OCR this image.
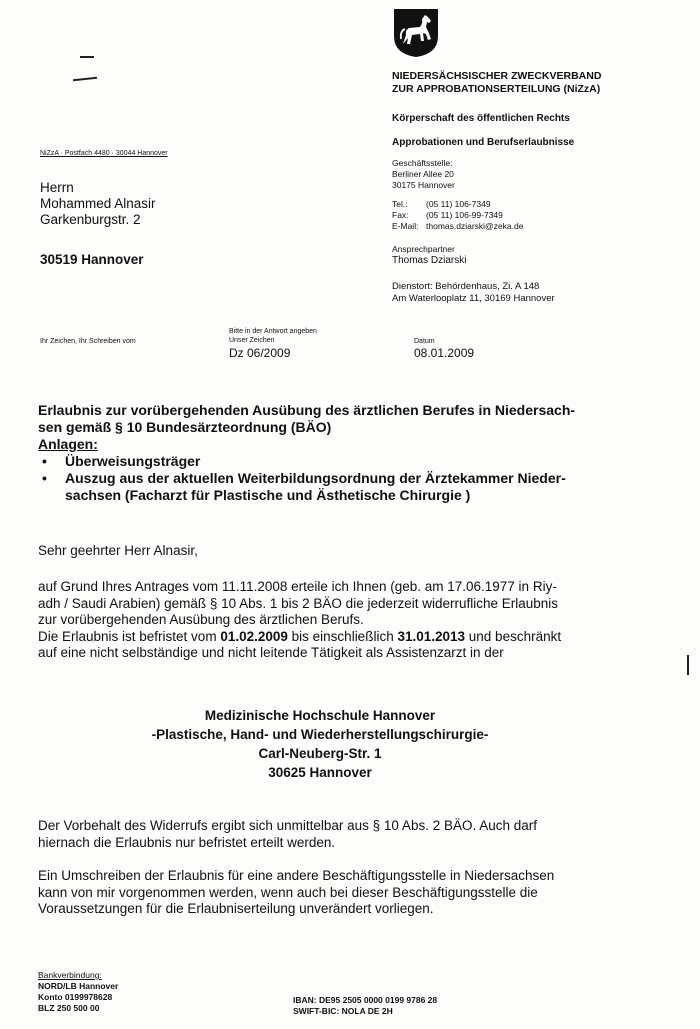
NIEDERSÄCHSISCHER ZWECKVERBAND
ZUR APPROBATIONSERTEILUNG (NiZzA)
Körperschaft des öffentlichen Rechts
Approbationen und Berufserlaubnisse
NiZzA · Postfach 4480 · 30044 Hannover
Geschäftsstelle:
Berliner Allee 20
30175 Hannover
Tel.: (05 11) 106-7349
Fax: (05 11) 106-99-7349
E-Mail: thomas.dziarski@zeka.de
Ansprechpartner
Thomas Dziarski
Dienstort: Behördenhaus, Zi. A 148
Am Waterlooplatz 11, 30169 Hannover
Herrn
Mohammed Alnasir
Garkenburgstr. 2
30519 Hannover
Ihr Zeichen, Ihr Schreiben vom
Bitte in der Antwort angeben
Unser Zeichen
Dz 06/2009
Datum
08.01.2009
Erlaubnis zur vorübergehenden Ausübung des ärztlichen Berufes in Niedersach-
sen gemäß § 10 Bundesärzteordnung (BÄO)
Anlagen:
• Überweisungsträger
• Auszug aus der aktuellen Weiterbildungsordnung der Ärztekammer Nieder-
sachsen (Facharzt für Plastische und Ästhetische Chirurgie )
Sehr geehrter Herr Alnasir,
auf Grund Ihres Antrages vom 11.11.2008 erteile ich Ihnen (geb. am 17.06.1977 in Riy-
adh / Saudi Arabien) gemäß § 10 Abs. 1 bis 2 BÄO die jederzeit widerrufliche Erlaubnis
zur vorübergehenden Ausübung des ärztlichen Berufs.
Die Erlaubnis ist befristet vom 01.02.2009 bis einschließlich 31.01.2013 und beschränkt
auf eine nicht selbständige und nicht leitende Tätigkeit als Assistenzarzt in der
Medizinische Hochschule Hannover
-Plastische, Hand- und Wiederherstellungschirurgie-
Carl-Neuberg-Str. 1
30625 Hannover
Der Vorbehalt des Widerrufs ergibt sich unmittelbar aus § 10 Abs. 2 BÄO. Auch darf
hiernach die Erlaubnis nur befristet erteilt werden.
Ein Umschreiben der Erlaubnis für eine andere Beschäftigungsstelle in Niedersachsen
kann von mir vorgenommen werden, wenn auch bei dieser Beschäftigungsstelle die
Voraussetzungen für die Erlaubniserteilung unverändert vorliegen.
Bankverbindung:
NORD/LB Hannover
Konto 0199978628
BLZ 250 500 00
IBAN: DE95 2505 0000 0199 9786 28
SWIFT-BIC: NOLA DE 2H
